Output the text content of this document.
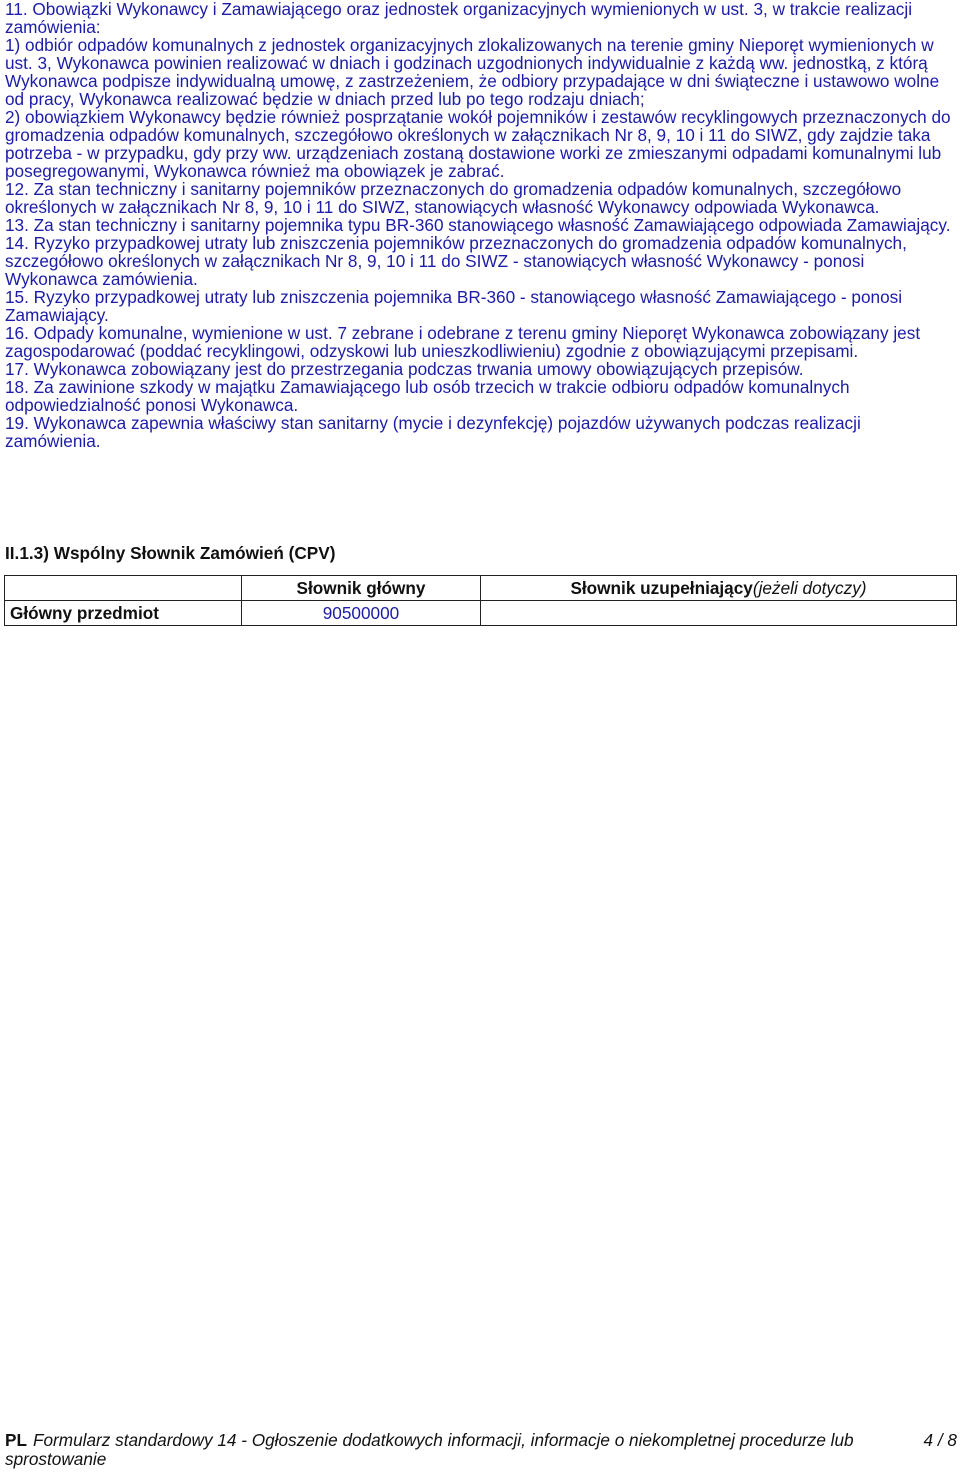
11. Obowiązki Wykonawcy i Zamawiającego oraz jednostek organizacyjnych wymienionych w ust. 3, w trakcie realizacji zamówienia:

1) odbiór odpadów komunalnych z jednostek organizacyjnych zlokalizowanych na terenie gminy Nieporęt wymienionych w ust. 3, Wykonawca powinien realizować w dniach i godzinach uzgodnionych indywidualnie z każdą ww. jednostką, z którą Wykonawca podpisze indywidualną umowę, z zastrzeżeniem, że odbiory przypadające w dni świąteczne i ustawowo wolne od pracy, Wykonawca realizować będzie w dniach przed lub po tego rodzaju dniach;

2) obowiązkiem Wykonawcy będzie również posprzątanie wokół pojemników i zestawów recyklingowych przeznaczonych do gromadzenia odpadów komunalnych, szczegółowo określonych w załącznikach Nr 8, 9, 10 i 11 do SIWZ, gdy zajdzie taka potrzeba - w przypadku, gdy przy ww. urządzeniach zostaną dostawione worki ze zmieszanymi odpadami komunalnymi lub posegregowanymi, Wykonawca również ma obowiązek je zabrać.

12. Za stan techniczny i sanitarny pojemników przeznaczonych do gromadzenia odpadów komunalnych, szczegółowo określonych w załącznikach Nr 8, 9, 10 i 11 do SIWZ, stanowiących własność Wykonawcy odpowiada Wykonawca.

13. Za stan techniczny i sanitarny pojemnika typu BR-360 stanowiącego własność Zamawiającego odpowiada Zamawiający.

14. Ryzyko przypadkowej utraty lub zniszczenia pojemników przeznaczonych do gromadzenia odpadów komunalnych, szczegółowo określonych w załącznikach Nr 8, 9, 10 i 11 do SIWZ - stanowiących własność Wykonawcy - ponosi Wykonawca zamówienia.

15. Ryzyko przypadkowej utraty lub zniszczenia pojemnika BR-360 - stanowiącego własność Zamawiającego - ponosi Zamawiający.

16. Odpady komunalne, wymienione w ust. 7 zebrane i odebrane z terenu gminy Nieporęt Wykonawca zobowiązany jest zagospodarować (poddać recyklingowi, odzyskowi lub unieszkodliwieniu) zgodnie z obowiązującymi przepisami.

17. Wykonawca zobowiązany jest do przestrzegania podczas trwania umowy obowiązujących przepisów.

18. Za zawinione szkody w majątku Zamawiającego lub osób trzecich w trakcie odbioru odpadów komunalnych odpowiedzialność ponosi Wykonawca.

19. Wykonawca zapewnia właściwy stan sanitarny (mycie i dezynfekcję) pojazdów używanych podczas realizacji zamówienia.

II.1.3) Wspólny Słownik Zamówień (CPV)
	Słownik główny	Słownik uzupełniający(jeżeli dotyczy)
Główny przedmiot	90500000	
PL Formularz standardowy 14 - Ogłoszenie dodatkowych informacji, informacje o niekompletnej procedurze lub sprostowanie
4 / 8
